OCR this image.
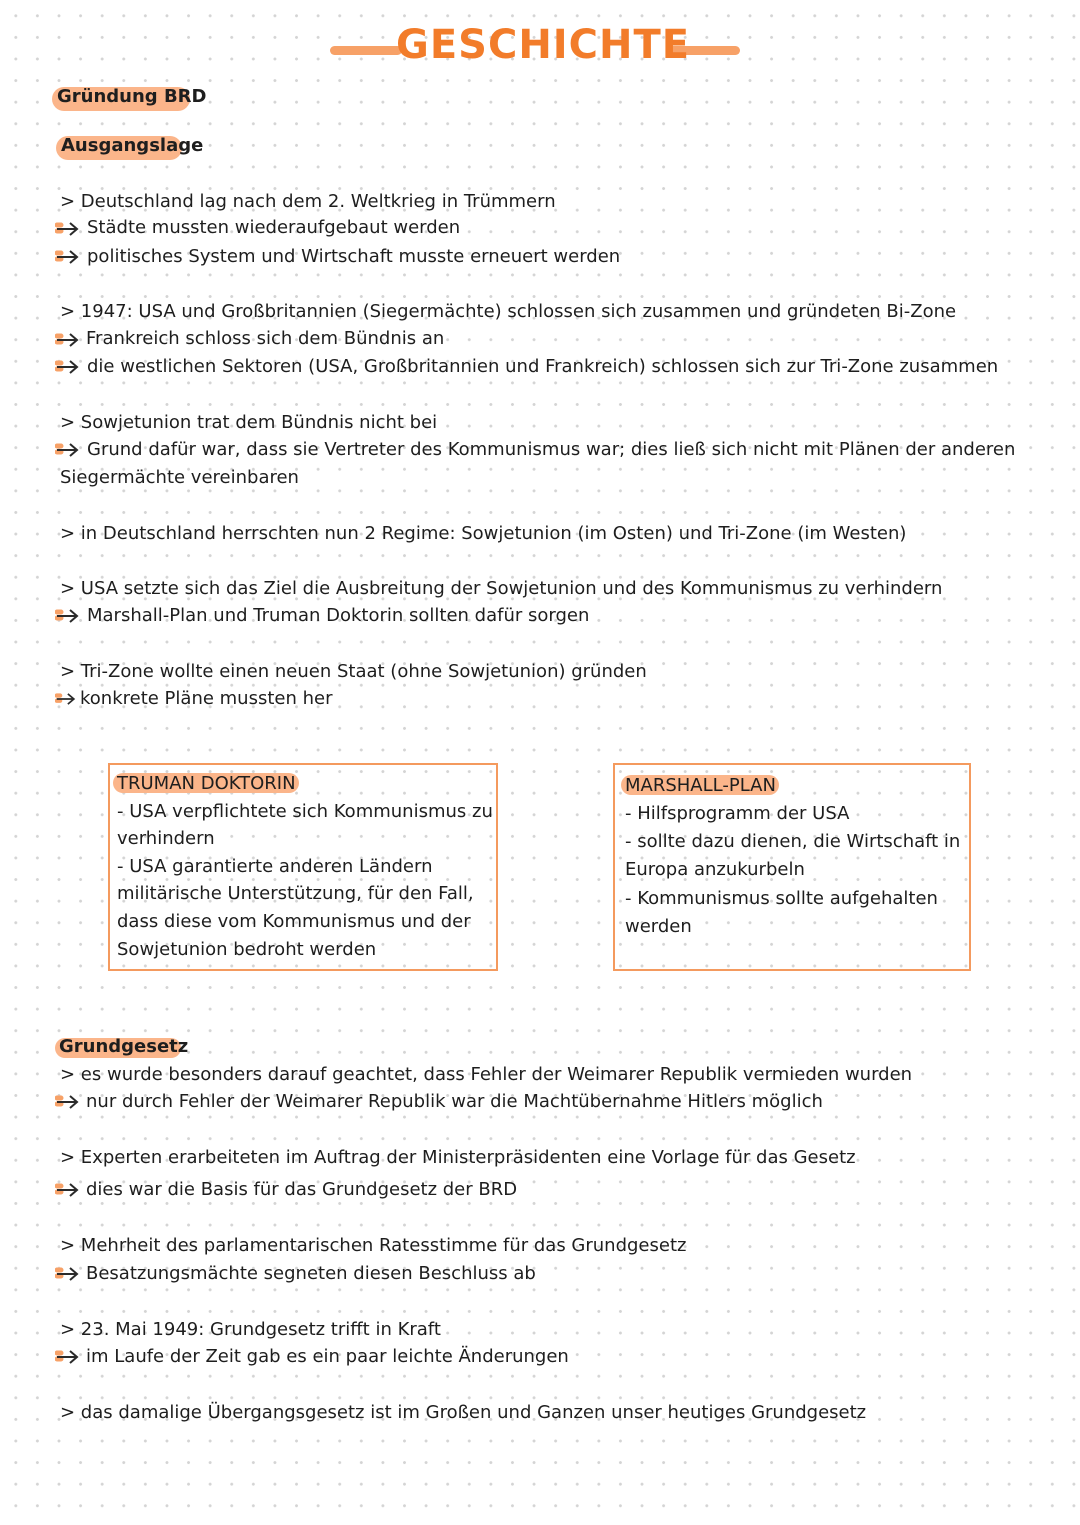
GESCHICHTE
Gründung BRD
Ausgangslage
> Deutschland lag nach dem 2. Weltkrieg in Trümmern
Städte mussten wiederaufgebaut werden
politisches System und Wirtschaft musste erneuert werden
> 1947: USA und Großbritannien (Siegermächte) schlossen sich zusammen und gründeten Bi-Zone
Frankreich schloss sich dem Bündnis an
die westlichen Sektoren (USA, Großbritannien und Frankreich) schlossen sich zur Tri-Zone zusammen
> Sowjetunion trat dem Bündnis nicht bei
Grund dafür war, dass sie Vertreter des Kommunismus war; dies ließ sich nicht mit Plänen der anderen
Siegermächte vereinbaren
> in Deutschland herrschten nun 2 Regime: Sowjetunion (im Osten) und Tri-Zone (im Westen)
> USA setzte sich das Ziel die Ausbreitung der Sowjetunion und des Kommunismus zu verhindern
Marshall-Plan und Truman Doktorin sollten dafür sorgen
> Tri-Zone wollte einen neuen Staat (ohne Sowjetunion) gründen
konkrete Pläne mussten her
TRUMAN DOKTORIN
- USA verpflichtete sich Kommunismus zu
verhindern
- USA garantierte anderen Ländern
militärische Unterstützung, für den Fall,
dass diese vom Kommunismus und der
Sowjetunion bedroht werden
MARSHALL-PLAN
- Hilfsprogramm der USA
- sollte dazu dienen, die Wirtschaft in
Europa anzukurbeln
- Kommunismus sollte aufgehalten
werden
Grundgesetz
> es wurde besonders darauf geachtet, dass Fehler der Weimarer Republik vermieden wurden
nur durch Fehler der Weimarer Republik war die Machtübernahme Hitlers möglich
> Experten erarbeiteten im Auftrag der Ministerpräsidenten eine Vorlage für das Gesetz
dies war die Basis für das Grundgesetz der BRD
> Mehrheit des parlamentarischen Ratesstimme für das Grundgesetz
Besatzungsmächte segneten diesen Beschluss ab
> 23. Mai 1949: Grundgesetz trifft in Kraft
im Laufe der Zeit gab es ein paar leichte Änderungen
> das damalige Übergangsgesetz ist im Großen und Ganzen unser heutiges Grundgesetz
